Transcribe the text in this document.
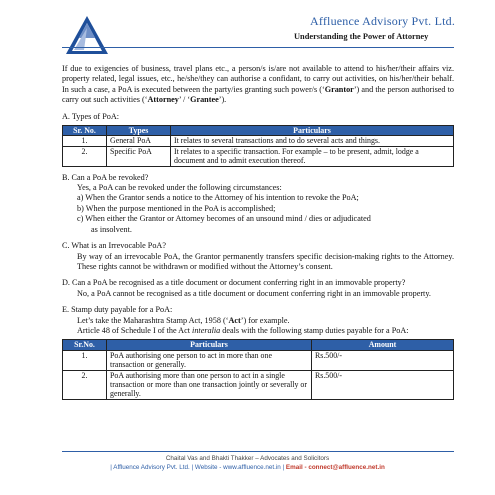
Affluence Advisory Pvt. Ltd.
Understanding the Power of Attorney

If due to exigencies of business, travel plans etc., a person/s is/are not available to attend to his/her/their affairs viz. property related, legal issues, etc., he/she/they can authorise a confidant, to carry out activities, on his/her/their behalf. In such a case, a PoA is executed between the party/ies granting such power/s (‘Grantor’) and the person authorised to carry out such activities (‘Attorney’ / ‘Grantee’).

A. Types of PoA:

Sr. No.	Types	Particulars
1.	General PoA	It relates to several transactions and to do several acts and things.
2.	Specific PoA	It relates to a specific transaction. For example – to be present, admit, lodge a document and to admit execution thereof.

B. Can a PoA be revoked?

Yes, a PoA can be revoked under the following circumstances:

a) When the Grantor sends a notice to the Attorney of his intention to revoke the PoA;

b) When the purpose mentioned in the PoA is accomplished;

c) When either the Grantor or Attorney becomes of an unsound mind / dies or adjudicated

as insolvent.

C. What is an Irrevocable PoA?

By way of an irrevocable PoA, the Grantor permanently transfers specific decision-making rights to the Attorney. These rights cannot be withdrawn or modified without the Attorney’s consent.

D. Can a PoA be recognised as a title document or document conferring right in an immovable property?

No, a PoA cannot be recognised as a title document or document conferring right in an immovable property.

E. Stamp duty payable for a PoA:

Let’s take the Maharashtra Stamp Act, 1958 (‘Act’) for example.

Article 48 of Schedule I of the Act interalia deals with the following stamp duties payable for a PoA:

Sr.No.	Particulars	Amount
1.	PoA authorising one person to act in more than one transaction or generally.	Rs.500/-
2.	PoA authorising more than one person to act in a single transaction or more than one transaction jointly or severally or generally.	Rs.500/-
Chaital Vas and Bhakti Thakker – Advocates and Solicitors
| Affluence Advisory Pvt. Ltd. | Website - www.affluence.net.in | Email - connect@affluence.net.in
